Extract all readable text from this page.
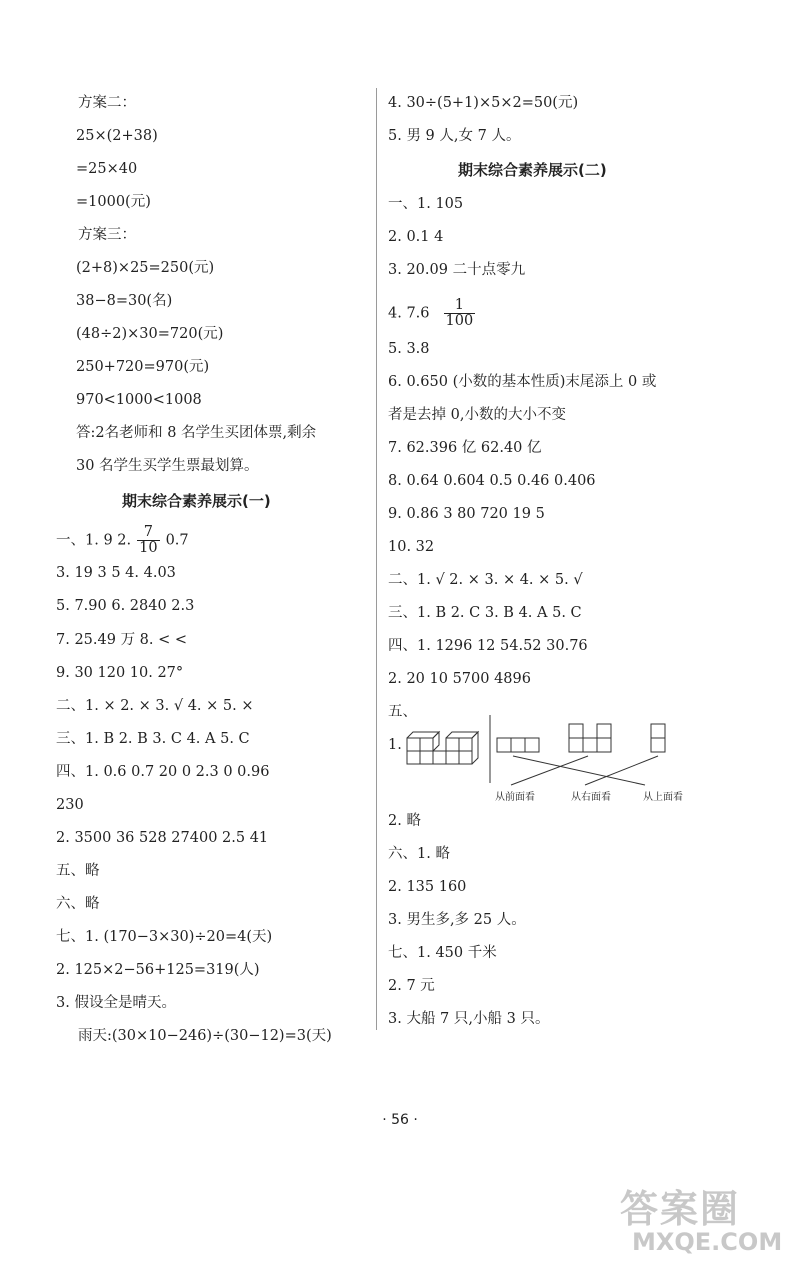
方案二：
25×(2+38)
=25×40
=1000(元)
方案三：
(2+8)×25=250(元)
38−8=30(名)
(48÷2)×30=720(元)
250+720=970(元)
970<1000<1008
答:2名老师和 8 名学生买团体票,剩余
30 名学生买学生票最划算。
期末综合素养展示(一)
一、1. 9 2. $\frac{7}{10} 0.7$
3. 19 3 5 4. 4.03
5. 7.90 6. 2840 2.3
7. 25.49 万 8. < <
9. 30 120 10. 27°
二、1. × 2. × 3. √ 4. × 5. ×
三、1. B 2. B 3. C 4. A 5. C
四、1. 0.6 0.7 20 0 2.3 0 0.96
230
2. 3500 36 528 27400 2.5 41
五、略
六、略
七、1. (170−3×30)÷20=4(天)
2. 125×2−56+125=319(人)
3. 假设全是晴天。
雨天:(30×10−246)÷(30−12)=3(天)
4. 30÷(5+1)×5×2=50(元)
5. 男 9 人,女 7 人。
期末综合素养展示(二)
一、1. 105
2. 0.1 4
3. 20.09 二十点零九
4. $7.6 \frac{1}{100}$
5. 3.8
6. 0.650 (小数的基本性质)末尾添上 0 或
者是去掉 0,小数的大小不变
7. 62.396 亿 62.40 亿
8. 0.64 0.604 0.5 0.46 0.406
9. 0.86 3 80 720 19 5
10. 32
二、1. √ 2. × 3. × 4. × 5. √
三、1. B 2. C 3. B 4. A 5. C
四、1. 1296 12 54.52 30.76
2. 20 10 5700 4896
五、
1.
从前面看	从右面看	从上面看
2. 略
六、1. 略
2. 135 160
3. 男生多,多 25 人。
七、1. 450 千米
2. 7 元
3. 大船 7 只,小船 3 只。
· 56 ·
答案圈
MXQE.COM
